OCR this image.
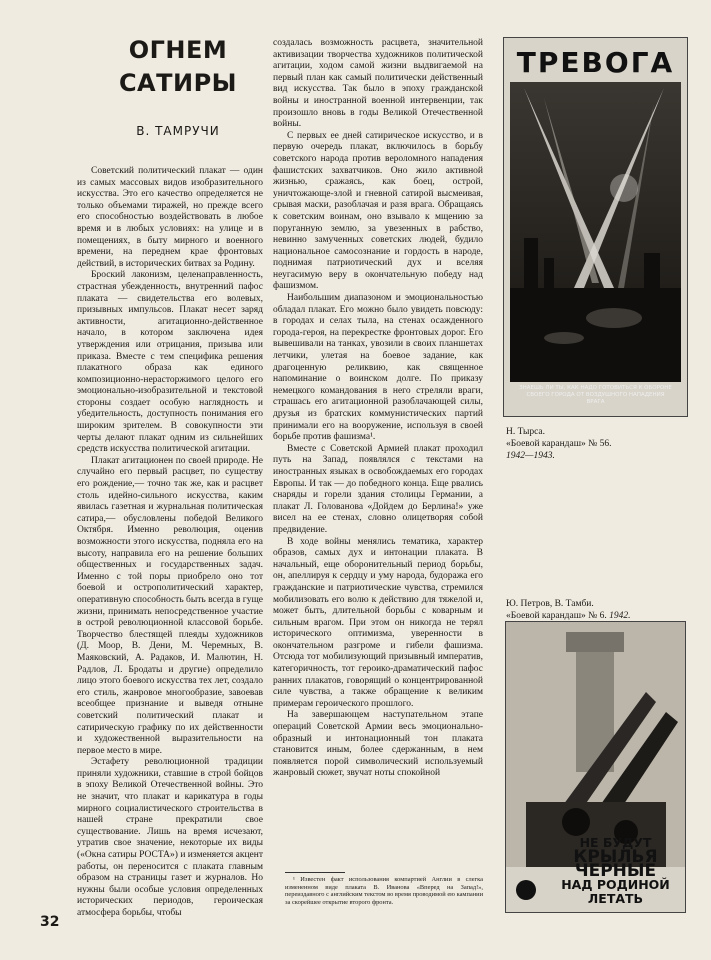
ОГНЕМ
САТИРЫ
В. ТАМРУЧИ

Советский политический плакат — один из самых массовых видов изобразительного искусства. Это его качество определяется не только объемами тиражей, но прежде всего его способностью воздействовать в любое время и в любых условиях: на улице и в помещениях, в быту мирного и военного времени, на переднем крае фронтовых действий, в исторических битвах за Родину.

Броский лаконизм, целенаправленность, страстная убежденность, внутренний пафос плаката — свидетельства его волевых, призывных импульсов. Плакат несет заряд активности, агитационно-действенное начало, в котором заключена идея утверждения или отрицания, призыва или приказа. Вместе с тем специфика решения плакатного образа как единого композиционно-нерасторжимого целого его эмоционально-изобразительной и текстовой стороны создает особую наглядность и убедительность, доступность понимания его широким зрителем. В совокупности эти черты делают плакат одним из сильнейших средств искусства политической агитации.

Плакат агитационен по своей природе. Не случайно его первый расцвет, по существу его рождение,— точно так же, как и расцвет столь идейно-сильного искусства, каким явилась газетная и журнальная политическая сатира,— обусловлены победой Великого Октября. Именно революция, оценив возможности этого искусства, подняла его на высоту, направила его на решение больших общественных и государственных задач. Именно с той поры приобрело оно тот боевой и острополитический характер, оперативную способность быть всегда в гуще жизни, принимать непосредственное участие в острой революционной классовой борьбе. Творчество блестящей плеяды художников (Д. Моор, В. Дени, М. Черемных, В. Маяковский, А. Радаков, И. Малютин, Н. Радлов, Л. Бродаты и другие) определило лицо этого боевого искусства тех лет, создало его стиль, жанровое многообразие, завоевав всеобщее признание и выведя отныне советский политический плакат и сатирическую графику по их действенности и художественной выразительности на первое место в мире.

Эстафету революционной традиции приняли художники, ставшие в строй бойцов в эпоху Великой Отечественной войны. Это не значит, что плакат и карикатура в годы мирного социалистического строительства в нашей стране прекратили свое существование. Лишь на время исчезают, утратив свое значение, некоторые их виды («Окна сатиры РОСТА») и изменяется акцент работы, он переносится с плаката главным образом на страницы газет и журналов. Но нужны были особые условия определенных исторических периодов, героическая атмосфера борьбы, чтобы

создалась возможность расцвета, значительной активизации творчества художников политической агитации, ходом самой жизни выдвигаемой на первый план как самый политически действенный вид искусства. Так было в эпоху гражданской войны и иностранной военной интервенции, так произошло вновь в годы Великой Отечественной войны.

С первых ее дней сатирическое искусство, и в первую очередь плакат, включилось в борьбу советского народа против вероломного нападения фашистских захватчиков. Оно жило активной жизнью, сражаясь, как боец, острой, уничтожающе-злой и гневной сатирой высмеивая, срывая маски, разоблачая и разя врага. Обращаясь к советским воинам, оно взывало к мщению за поруганную землю, за увезенных в рабство, невинно замученных советских людей, будило национальное самосознание и гордость в народе, поднимая патриотический дух и вселяя неугасимую веру в окончательную победу над фашизмом.

Наибольшим диапазоном и эмоциональностью обладал плакат. Его можно было увидеть повсюду: в городах и селах тыла, на стенах осажденного города-героя, на перекрестке фронтовых дорог. Его вывешивали на танках, увозили в своих планшетах летчики, улетая на боевое задание, как драгоценную реликвию, как священное напоминание о воинском долге. По приказу немецкого командования в него стреляли враги, страшась его агитационной разоблачающей силы, друзья из братских коммунистических партий принимали его на вооружение, используя в своей борьбе против фашизма¹.

Вместе с Советской Армией плакат проходил путь на Запад, появлялся с текстами на иностранных языках в освобождаемых его городах Европы. И так — до победного конца. Еще рвались снаряды и горели здания столицы Германии, а плакат Л. Голованова «Дойдем до Берлина!» уже висел на ее стенах, словно олицетворяя собой предвидение.

В ходе войны менялись тематика, характер образов, самых дух и интонации плаката. В начальный, еще оборонительный период борьбы, он, апеллируя к сердцу и уму народа, будоража его гражданские и патриотические чувства, стремился мобилизовать его волю к действию для тяжелой и, может быть, длительной борьбы с коварным и сильным врагом. При этом он никогда не терял исторического оптимизма, уверенности в окончательном разгроме и гибели фашизма. Отсюда тот мобилизующий призывный императив, категоричность, тот героико-драматический пафос ранних плакатов, говорящий о концентрированной силе чувства, а также обращение к великим примерам героического прошлого.

На завершающем наступательном этапе операций Советской Армии весь эмоционально-образный и интонационный тон плаката становится иным, более сдержанным, в нем появляется порой символический используемый жанровый сюжет, звучат ноты спокойной

¹ Известен факт использования компартией Англии в слегка измененном виде плаката В. Иванова «Вперед на Запад!», переиздавного с английским текстом во время проводимой ею кампании за скорейшее открытие второго фронта.

32
ТРЕВОГА
ЗНАЕШЬ ЛИ ТЫ, КАК НАДО ГОТОВИТЬСЯ К ОБОРОНЕ СВОЕГО ГОРОДА ОТ ВОЗДУШНОГО НАПАДЕНИЯ ВРАГА
Н. Тырса.
«Боевой карандаш» № 56.
1942—1943.
Ю. Петров, В. Тамби.
«Боевой карандаш» № 6. 1942.
НЕ БУДУТ
КРЫЛЬЯ ЧЕРНЫЕ
НАД РОДИНОЙ ЛЕТАТЬ
